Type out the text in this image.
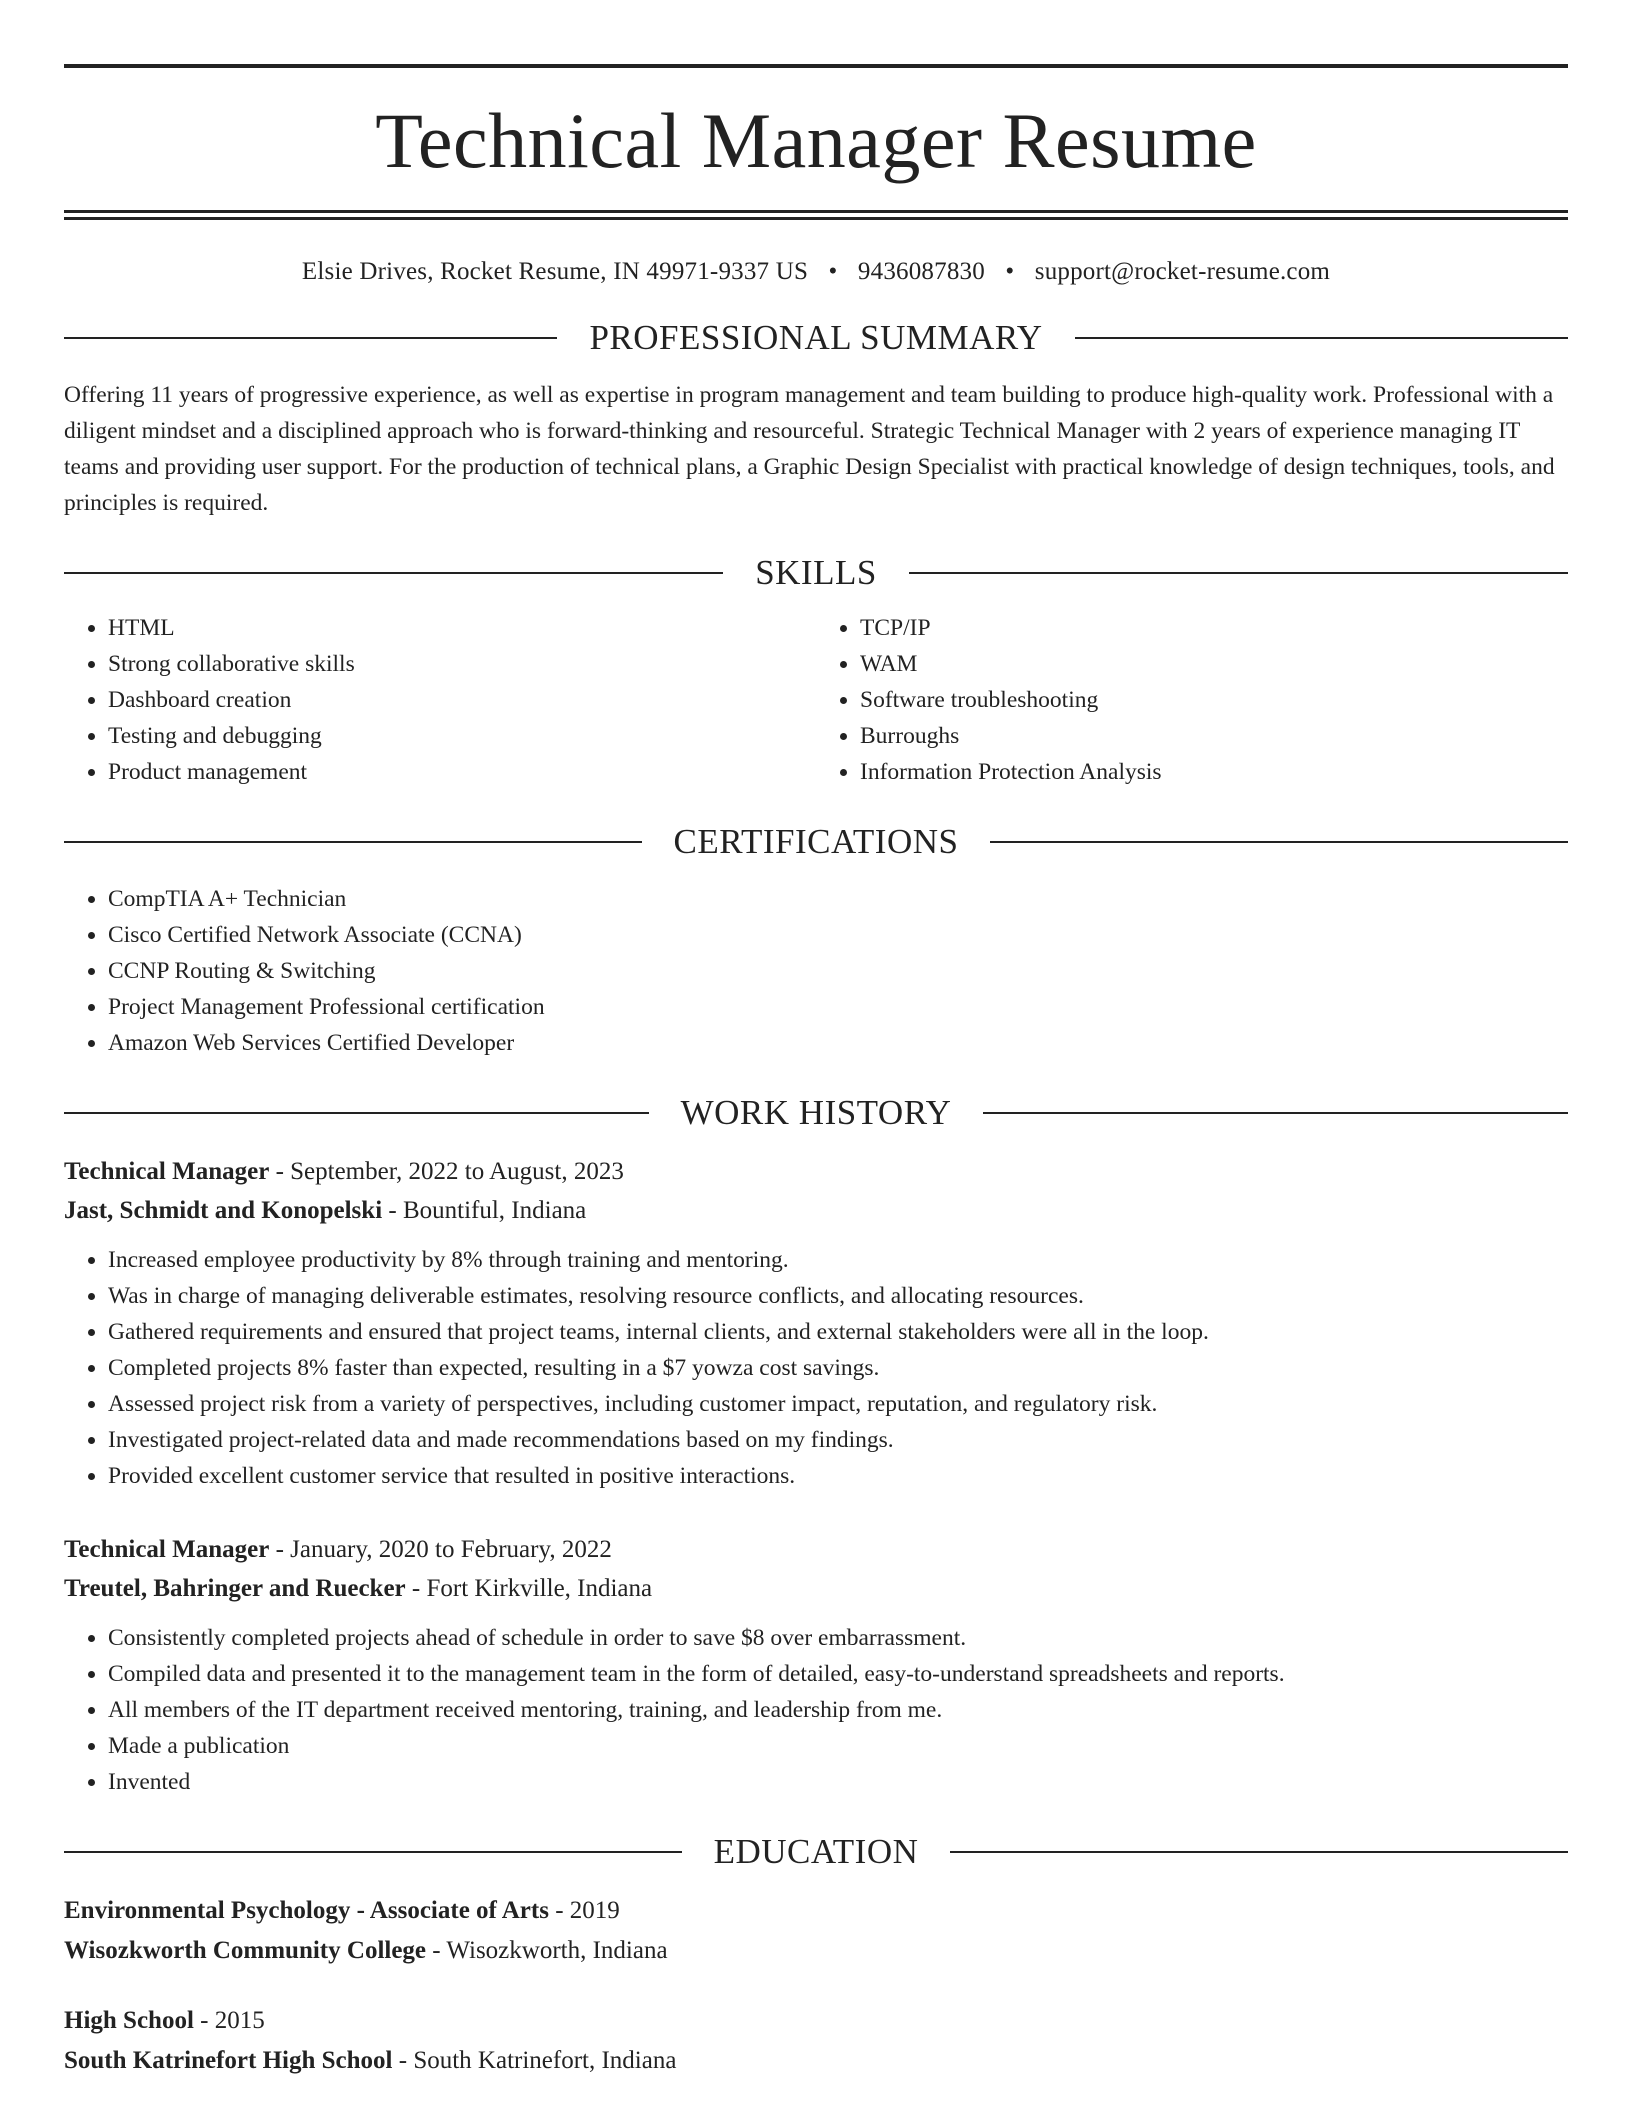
Technical Manager Resume
Elsie Drives, Rocket Resume, IN 49971-9337 US • 9436087830 • support@rocket-resume.com
PROFESSIONAL SUMMARY

Offering 11 years of progressive experience, as well as expertise in program management and team building to produce high-quality work. Professional with a diligent mindset and a disciplined approach who is forward-thinking and resourceful. Strategic Technical Manager with 2 years of experience managing IT teams and providing user support. For the production of technical plans, a Graphic Design Specialist with practical knowledge of design techniques, tools, and principles is required.

SKILLS
• HTML
• Strong collaborative skills
• Dashboard creation
• Testing and debugging
• Product management
• TCP/IP
• WAM
• Software troubleshooting
• Burroughs
• Information Protection Analysis
CERTIFICATIONS
• CompTIA A+ Technician
• Cisco Certified Network Associate (CCNA)
• CCNP Routing & Switching
• Project Management Professional certification
• Amazon Web Services Certified Developer
WORK HISTORY
Technical Manager - September, 2022 to August, 2023
Jast, Schmidt and Konopelski - Bountiful, Indiana
• Increased employee productivity by 8% through training and mentoring.
• Was in charge of managing deliverable estimates, resolving resource conflicts, and allocating resources.
• Gathered requirements and ensured that project teams, internal clients, and external stakeholders were all in the loop.
• Completed projects 8% faster than expected, resulting in a $7 yowza cost savings.
• Assessed project risk from a variety of perspectives, including customer impact, reputation, and regulatory risk.
• Investigated project-related data and made recommendations based on my findings.
• Provided excellent customer service that resulted in positive interactions.
Technical Manager - January, 2020 to February, 2022
Treutel, Bahringer and Ruecker - Fort Kirkville, Indiana
• Consistently completed projects ahead of schedule in order to save $8 over embarrassment.
• Compiled data and presented it to the management team in the form of detailed, easy-to-understand spreadsheets and reports.
• All members of the IT department received mentoring, training, and leadership from me.
• Made a publication
• Invented
EDUCATION
Environmental Psychology - Associate of Arts - 2019
Wisozkworth Community College - Wisozkworth, Indiana
High School - 2015
South Katrinefort High School - South Katrinefort, Indiana
